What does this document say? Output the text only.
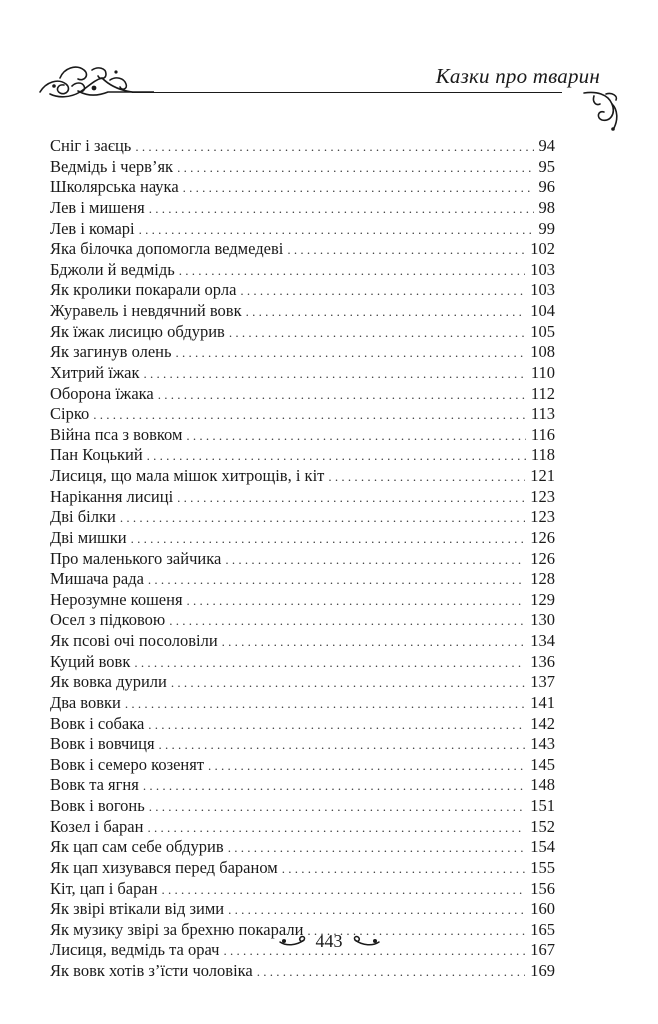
Казки про тварин
Сніг і заєць . . .	94
Ведмідь і черв’як . . .	95
Школярська наука . . .	96
Лев і мишеня . . .	98
Лев і комарі . . .	99
Яка білочка допомогла ведмедеві . . .	102
Бджоли й ведмідь . . .	103
Як кролики покарали орла . . .	103
Журавель і невдячний вовк . . .	104
Як їжак лисицю обдурив . . .	105
Як загинув олень . . .	108
Хитрий їжак . . .	110
Оборона їжака . . .	112
Сірко . . .	113
Війна пса з вовком . . .	116
Пан Коцький . . .	118
Лисиця, що мала мішок хитрощів, і кіт . . .	121
Нарікання лисиці . . .	123
Дві білки . . .	123
Дві мишки . . .	126
Про маленького зайчика . . .	126
Мишача рада . . .	128
Нерозумне кошеня . . .	129
Осел з підковою . . .	130
Як псові очі посоловіли . . .	134
Куций вовк . . .	136
Як вовка дурили . . .	137
Два вовки . . .	141
Вовк і собака . . .	142
Вовк і вовчиця . . .	143
Вовк і семеро козенят . . .	145
Вовк та ягня . . .	148
Вовк і вогонь . . .	151
Козел і баран . . .	152
Як цап сам себе обдурив . . .	154
Як цап хизувався перед бараном . . .	155
Кіт, цап і баран . . .	156
Як звірі втікали від зими . . .	160
Як музику звірі за брехню покарали . . .	165
Лисиця, ведмідь та орач . . .	167
Як вовк хотів з’їсти чоловіка . . .	169
443
